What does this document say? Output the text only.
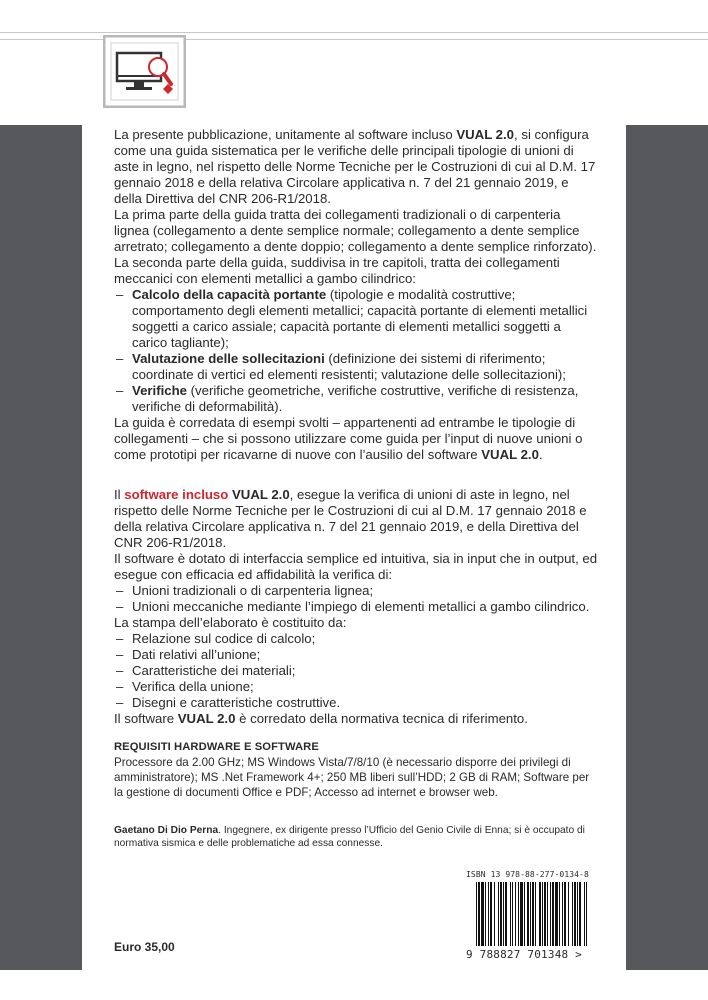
La presente pubblicazione, unitamente al software incluso VUAL 2.0, si configura come una guida sistematica per le verifiche delle principali tipologie di unioni di aste in legno, nel rispetto delle Norme Tecniche per le Costruzioni di cui al D.M. 17 gennaio 2018 e della relativa Circolare applicativa n. 7 del 21 gennaio 2019, e della Direttiva del CNR 206-R1/2018.

La prima parte della guida tratta dei collegamenti tradizionali o di carpenteria lignea (collegamento a dente semplice normale; collegamento a dente semplice arretrato; collegamento a dente doppio; collegamento a dente semplice rinforzato).

La seconda parte della guida, suddivisa in tre capitoli, tratta dei collegamenti meccanici con elementi metallici a gambo cilindrico:

– Calcolo della capacità portante (tipologie e modalità costruttive; comportamento degli elementi metallici; capacità portante di elementi metallici soggetti a carico assiale; capacità portante di elementi metallici soggetti a carico tagliante);

– Valutazione delle sollecitazioni (definizione dei sistemi di riferimento; coordinate di vertici ed elementi resistenti; valutazione delle sollecitazioni);

– Verifiche (verifiche geometriche, verifiche costruttive, verifiche di resistenza, verifiche di deformabilità).

La guida è corredata di esempi svolti – appartenenti ad entrambe le tipologie di collegamenti – che si possono utilizzare come guida per l’input di nuove unioni o come prototipi per ricavarne di nuove con l’ausilio del software VUAL 2.0.

Il software incluso VUAL 2.0, esegue la verifica di unioni di aste in legno, nel rispetto delle Norme Tecniche per le Costruzioni di cui al D.M. 17 gennaio 2018 e della relativa Circolare applicativa n. 7 del 21 gennaio 2019, e della Direttiva del CNR 206-R1/2018.

Il software è dotato di interfaccia semplice ed intuitiva, sia in input che in output, ed esegue con efficacia ed affidabilità la verifica di:

– Unioni tradizionali o di carpenteria lignea;

– Unioni meccaniche mediante l’impiego di elementi metallici a gambo cilindrico.

La stampa dell’elaborato è costituito da:

– Relazione sul codice di calcolo;

– Dati relativi all’unione;

– Caratteristiche dei materiali;

– Verifica della unione;

– Disegni e caratteristiche costruttive.

Il software VUAL 2.0 è corredato della normativa tecnica di riferimento.

REQUISITI HARDWARE E SOFTWARE

Processore da 2.00 GHz; MS Windows Vista/7/8/10 (è necessario disporre dei privilegi di amministratore); MS .Net Framework 4+; 250 MB liberi sull’HDD; 2 GB di RAM; Software per la gestione di documenti Office e PDF; Accesso ad internet e browser web.

Gaetano Di Dio Perna. Ingegnere, ex dirigente presso l’Ufficio del Genio Civile di Enna; si è occupato di normativa sismica e delle problematiche ad essa connesse.

Euro 35,00
ISBN 13 978-88-277-0134-8
9 788827 701348 >
